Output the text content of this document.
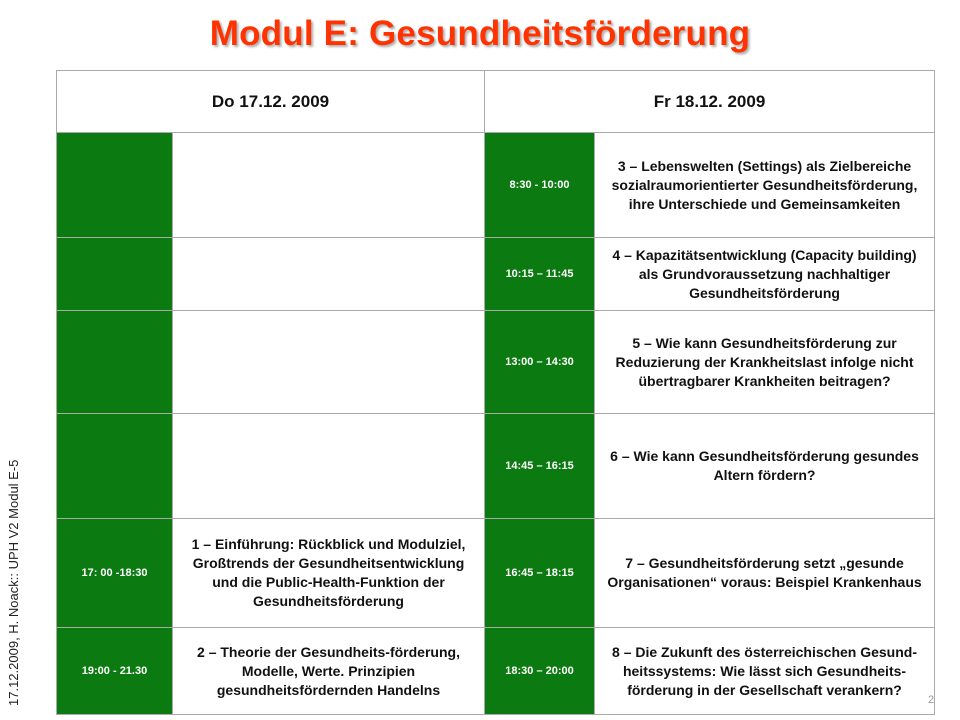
Modul E: Gesundheitsförderung
17.12.2009, H. Noack:: UPH V2 Modul E-5
Do 17.12. 2009		Fr 18.12. 2009	
		8:30 - 10:00	3 – Lebenswelten (Settings) als Zielbereiche sozialraumorientierter Gesundheitsförderung, ihre Unterschiede und Gemeinsamkeiten
		10:15 – 11:45	4 – Kapazitätsentwicklung (Capacity building) als Grundvoraussetzung nachhaltiger Gesundheitsförderung
		13:00 – 14:30	5 – Wie kann Gesundheitsförderung zur Reduzierung der Krankheitslast infolge nicht übertragbarer Krankheiten beitragen?
		14:45 – 16:15	6 – Wie kann Gesundheitsförderung gesundes Altern fördern?
17: 00 -18:30	1 – Einführung: Rückblick und Modulziel, Großtrends der Gesundheitsentwicklung und die Public-Health-Funktion der Gesundheitsförderung	16:45 – 18:15	7 – Gesundheitsförderung setzt „gesunde Organisationen“ voraus: Beispiel Krankenhaus
19:00 - 21.30	2 – Theorie der Gesundheits-förderung, Modelle, Werte. Prinzipien gesundheitsfördernden Handelns	18:30 – 20:00	8 – Die Zukunft des österreichischen Gesund-heitssystems: Wie lässt sich Gesundheits-förderung in der Gesellschaft verankern?
2
